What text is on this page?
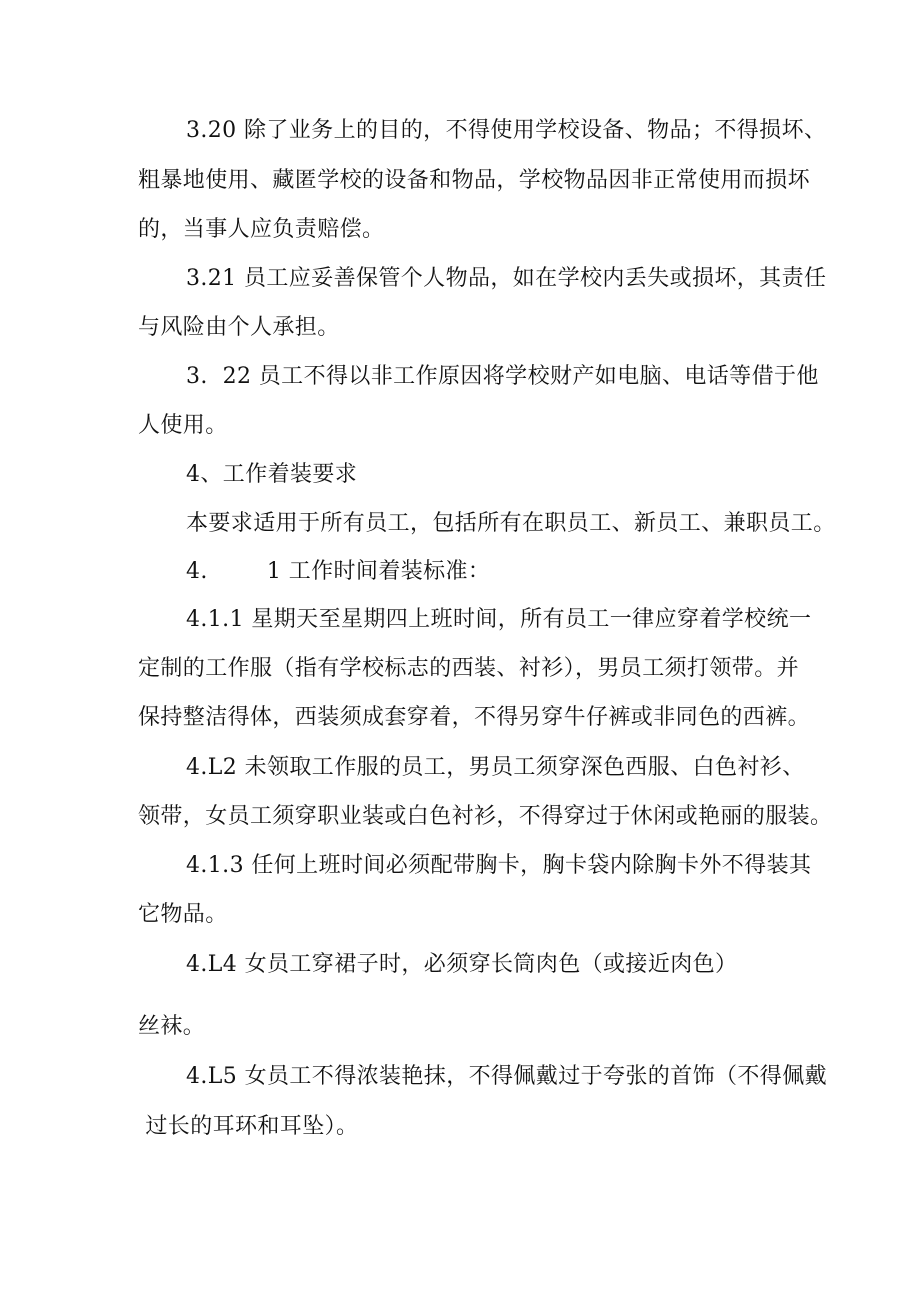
3.20 除了业务上的目的，不得使用学校设备、物品；不得损坏、
粗暴地使用、藏匿学校的设备和物品，学校物品因非正常使用而损坏
的，当事人应负责赔偿。
3.21 员工应妥善保管个人物品，如在学校内丢失或损坏，其责任
与风险由个人承担。
3.  22 员工不得以非工作原因将学校财产如电脑、电话等借于他
人使用。
4、工作着装要求
本要求适用于所有员工，包括所有在职员工、新员工、兼职员工。
4.        1 工作时间着装标准：
4.1.1 星期天至星期四上班时间，所有员工一律应穿着学校统一
定制的工作服（指有学校标志的西装、衬衫），男员工须打领带。并
保持整洁得体，西装须成套穿着，不得另穿牛仔裤或非同色的西裤。
4.L2 未领取工作服的员工，男员工须穿深色西服、白色衬衫、
领带，女员工须穿职业装或白色衬衫，不得穿过于休闲或艳丽的服装。
4.1.3 任何上班时间必须配带胸卡，胸卡袋内除胸卡外不得装其
它物品。
4.L4 女员工穿裙子时，必须穿长筒肉色（或接近肉色）
丝袜。
4.L5 女员工不得浓装艳抹，不得佩戴过于夸张的首饰（不得佩戴
过长的耳环和耳坠）。
